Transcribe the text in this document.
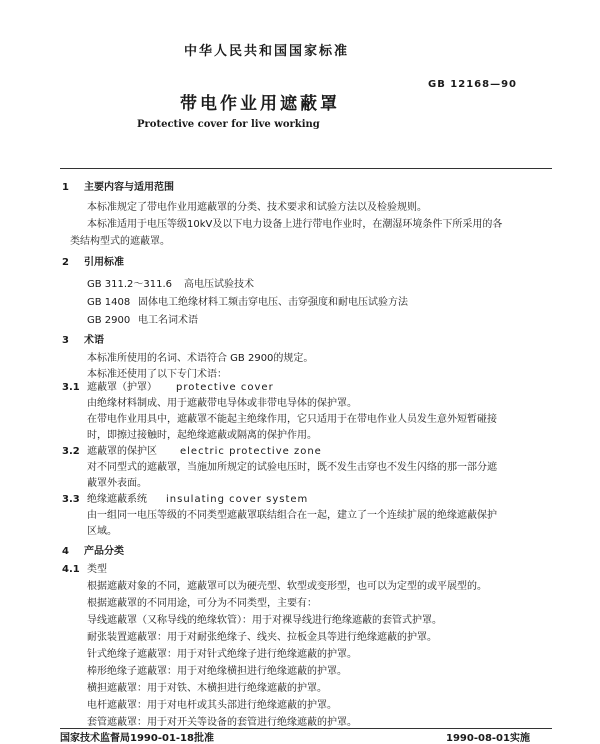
中华人民共和国国家标准
GB 12168—90
带电作业用遮蔽罩
Protective cover for live working
1 主要内容与适用范围
本标准规定了带电作业用遮蔽罩的分类、技术要求和试验方法以及检验规则。
本标准适用于电压等级10kV及以下电力设备上进行带电作业时，在潮湿环境条件下所采用的各
类结构型式的遮蔽罩。
2 引用标准
GB 311.2～311.6 高电压试验技术
GB 1408 固体电工绝缘材料工频击穿电压、击穿强度和耐电压试验方法
GB 2900 电工名词术语
3 术语
本标准所使用的名词、术语符合 GB 2900的规定。
本标准还使用了以下专门术语：
3.1 遮蔽罩（护罩） protective cover
由绝缘材料制成、用于遮蔽带电导体或非带电导体的保护罩。
在带电作业用具中，遮蔽罩不能起主绝缘作用，它只适用于在带电作业人员发生意外短暂碰接
时，即擦过接触时，起绝缘遮蔽或隔离的保护作用。
3.2 遮蔽罩的保护区 electric protective zone
对不同型式的遮蔽罩，当施加所规定的试验电压时，既不发生击穿也不发生闪络的那一部分遮
蔽罩外表面。
3.3 绝缘遮蔽系统 insulating cover system
由一组同一电压等级的不同类型遮蔽罩联结组合在一起，建立了一个连续扩展的绝缘遮蔽保护
区域。
4 产品分类
4.1 类型
根据遮蔽对象的不同，遮蔽罩可以为硬壳型、软型或变形型，也可以为定型的或平展型的。
根据遮蔽罩的不同用途，可分为不同类型，主要有：
导线遮蔽罩（又称导线的绝缘软管）：用于对裸导线进行绝缘遮蔽的套管式护罩。
耐张装置遮蔽罩：用于对耐张绝缘子、线夹、拉板金具等进行绝缘遮蔽的护罩。
针式绝缘子遮蔽罩：用于对针式绝缘子进行绝缘遮蔽的护罩。
棒形绝缘子遮蔽罩：用于对绝缘横担进行绝缘遮蔽的护罩。
横担遮蔽罩：用于对铁、木横担进行绝缘遮蔽的护罩。
电杆遮蔽罩：用于对电杆或其头部进行绝缘遮蔽的护罩。
套管遮蔽罩：用于对开关等设备的套管进行绝缘遮蔽的护罩。
国家技术监督局1990-01-18批准	1990-08-01实施
